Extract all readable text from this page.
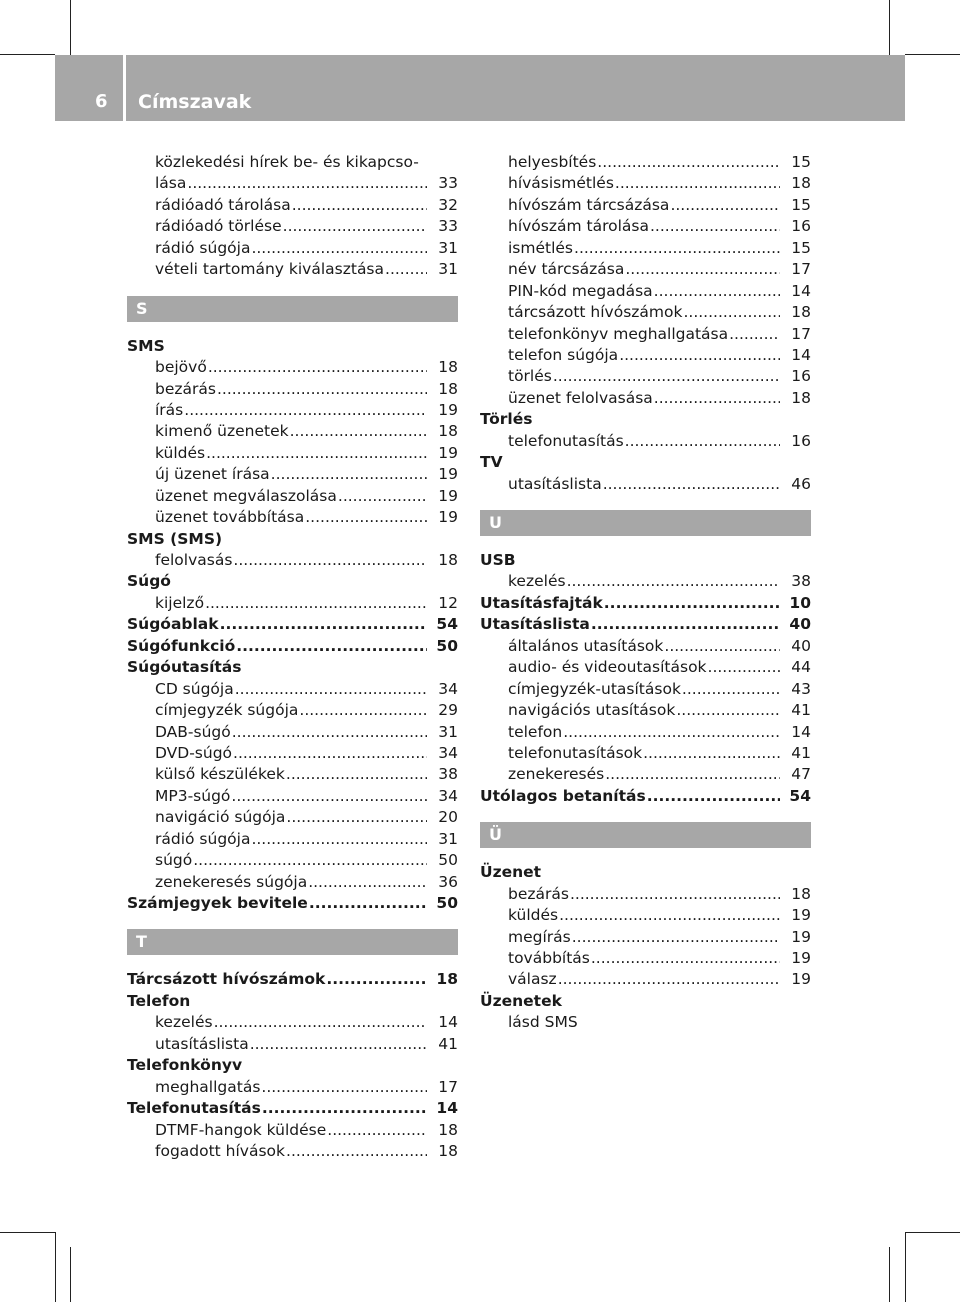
6 Címszavak
közlekedési hírek be- és kikapcso-
lása .....	33
rádióadó tárolása .....	32
rádióadó törlése .....	33
rádió súgója .....	31
vételi tartomány kiválasztása .....	31
S
SMS
bejövő .....	18
bezárás .....	18
írás .....	19
kimenő üzenetek .....	18
küldés .....	19
új üzenet írása .....	19
üzenet megválaszolása .....	19
üzenet továbbítása .....	19
SMS (SMS)
felolvasás .....	18
Súgó
kijelző .....	12
Súgóablak .....	54
Súgófunkció .....	50
Súgóutasítás
CD súgója .....	34
címjegyzék súgója .....	29
DAB-súgó .....	31
DVD-súgó .....	34
külső készülékek .....	38
MP3-súgó .....	34
navigáció súgója .....	20
rádió súgója .....	31
súgó .....	50
zenekeresés súgója .....	36
Számjegyek bevitele .....	50
T
Tárcsázott hívószámok .....	18
Telefon
kezelés .....	14
utasításlista .....	41
Telefonkönyv
meghallgatás .....	17
Telefonutasítás .....	14
DTMF-hangok küldése .....	18
fogadott hívások .....	18
helyesbítés .....	15
hívásismétlés .....	18
hívószám tárcsázása .....	15
hívószám tárolása .....	16
ismétlés .....	15
név tárcsázása .....	17
PIN-kód megadása .....	14
tárcsázott hívószámok .....	18
telefonkönyv meghallgatása .....	17
telefon súgója .....	14
törlés .....	16
üzenet felolvasása .....	18
Törlés
telefonutasítás .....	16
TV
utasításlista .....	46
U
USB
kezelés .....	38
Utasításfajták .....	10
Utasításlista .....	40
általános utasítások .....	40
audio- és videoutasítások .....	44
címjegyzék-utasítások .....	43
navigációs utasítások .....	41
telefon .....	14
telefonutasítások .....	41
zenekeresés .....	47
Utólagos betanítás .....	54
Ü
Üzenet
bezárás .....	18
küldés .....	19
megírás .....	19
továbbítás .....	19
válasz .....	19
Üzenetek
lásd SMS
